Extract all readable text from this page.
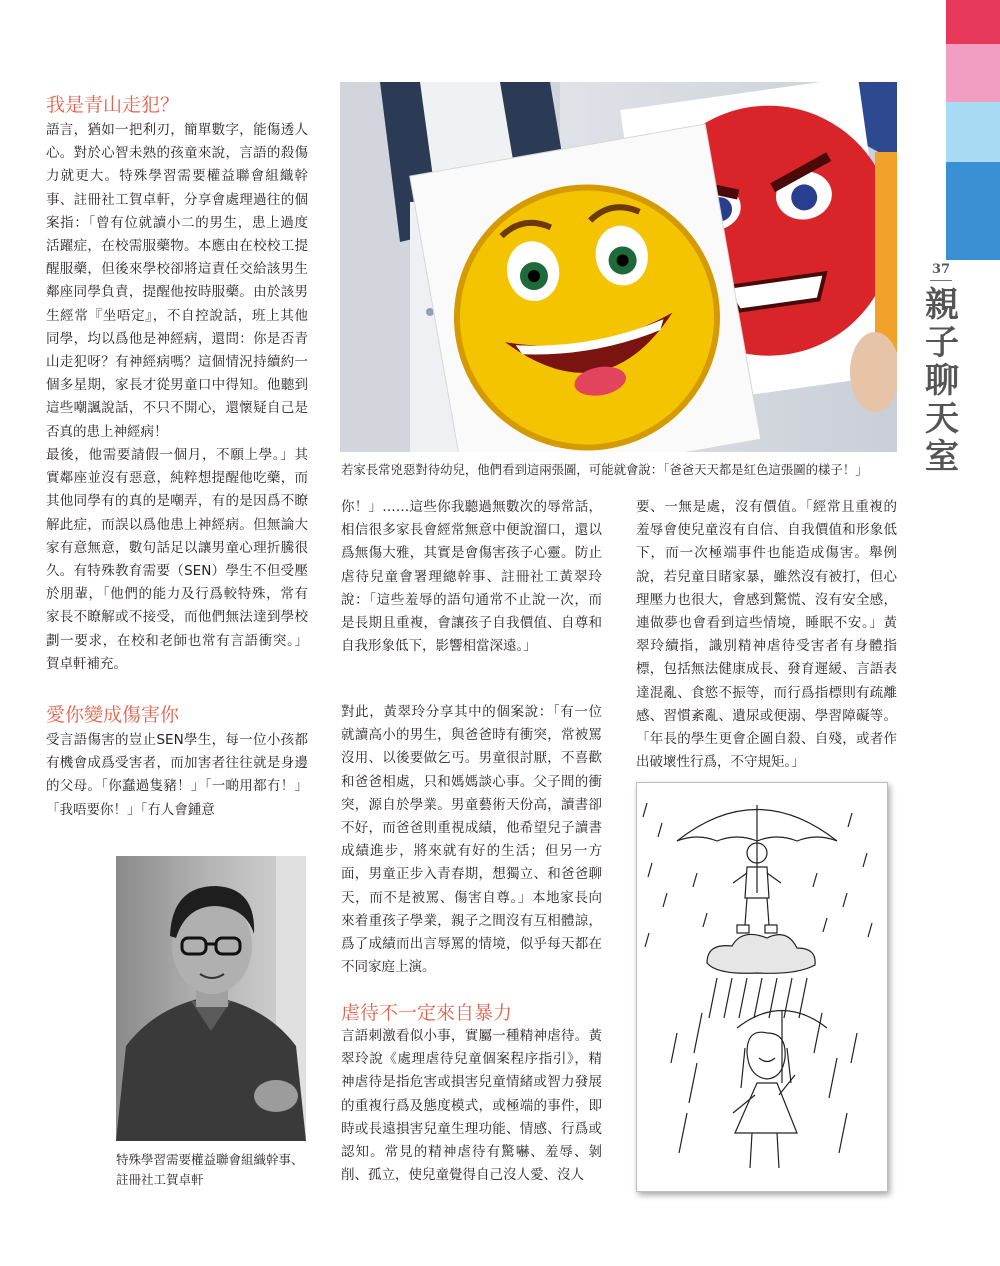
37
親
子
聊
天
室
我是青山走犯？

語言，猶如一把利刃，簡單數字，能傷透人心。對於心智未熟的孩童來說，言語的殺傷力就更大。特殊學習需要權益聯會組織幹事、註冊社工賀卓軒，分享會處理過往的個案指：「曾有位就讀小二的男生，患上過度活躍症，在校需服藥物。本應由在校校工提醒服藥，但後來學校卻將這責任交給該男生鄰座同學負責，提醒他按時服藥。由於該男生經常『坐唔定』，不自控說話，班上其他同學，均以爲他是神經病，還問：你是否青山走犯呀？有神經病嗎？這個情況持續約一個多星期，家長才從男童口中得知。他聽到這些嘲諷說話，不只不開心，還懷疑自己是否真的患上神經病！

最後，他需要請假一個月，不願上學。」其實鄰座並沒有惡意，純粹想提醒他吃藥，而其他同學有的真的是嘲弄，有的是因爲不瞭解此症，而誤以爲他患上神經病。但無論大家有意無意，數句話足以讓男童心理折騰很久。有特殊教育需要（SEN）學生不但受壓於朋輩，「他們的能力及行爲較特殊，常有家長不瞭解或不接受，而他們無法達到學校劃一要求，在校和老師也常有言語衝突。」賀卓軒補充。

愛你變成傷害你

受言語傷害的豈止SEN學生，每一位小孩都有機會成爲受害者，而加害者往往就是身邊的父母。「你蠢過隻豬！」「一啲用都冇！」「我唔要你！」「冇人會鍾意

特殊學習需要權益聯會組織幹事、註冊社工賀卓軒
若家長常兇惡對待幼兒，他們看到這兩張圖，可能就會說：「爸爸天天都是紅色這張圖的樣子！」

你！」……這些你我聽過無數次的辱常話，相信很多家長會經常無意中便說溜口，還以爲無傷大雅，其實是會傷害孩子心靈。防止虐待兒童會署理總幹事、註冊社工黃翠玲說：「這些羞辱的語句通常不止說一次，而是長期且重複，會讓孩子自我價值、自尊和自我形象低下，影響相當深遠。」

對此，黃翠玲分享其中的個案說：「有一位就讀高小的男生，與爸爸時有衝突，常被罵沒用、以後要做乞丐。男童很討厭，不喜歡和爸爸相處，只和媽媽談心事。父子間的衝突，源自於學業。男童藝術天份高，讀書卻不好，而爸爸則重視成績，他希望兒子讀書成績進步，將來就有好的生活；但另一方面，男童正步入青春期，想獨立、和爸爸聊天，而不是被罵、傷害自尊。」本地家長向來着重孩子學業，親子之間沒有互相體諒，爲了成績而出言辱罵的情境，似乎每天都在不同家庭上演。

虐待不一定來自暴力

言語刺激看似小事，實屬一種精神虐待。黃翠玲說《處理虐待兒童個案程序指引》，精神虐待是指危害或損害兒童情緒或智力發展的重複行爲及態度模式，或極端的事件，即時或長遠損害兒童生理功能、情感、行爲或認知。常見的精神虐待有驚嚇、羞辱、剝削、孤立，使兒童覺得自己沒人愛、沒人

要、一無是處，沒有價值。「經常且重複的羞辱會使兒童沒有自信、自我價值和形象低下，而一次極端事件也能造成傷害。舉例說，若兒童目睹家暴，雖然沒有被打，但心理壓力也很大，會感到驚慌、沒有安全感，連做夢也會看到這些情境，睡眠不安。」黃翠玲續指，識別精神虐待受害者有身體指標，包括無法健康成長、發育遲緩、言語表達混亂、食慾不振等，而行爲指標則有疏離感、習慣紊亂、遺尿或便溺、學習障礙等。「年長的學生更會企圖自殺、自殘，或者作出破壞性行爲，不守規矩。」
